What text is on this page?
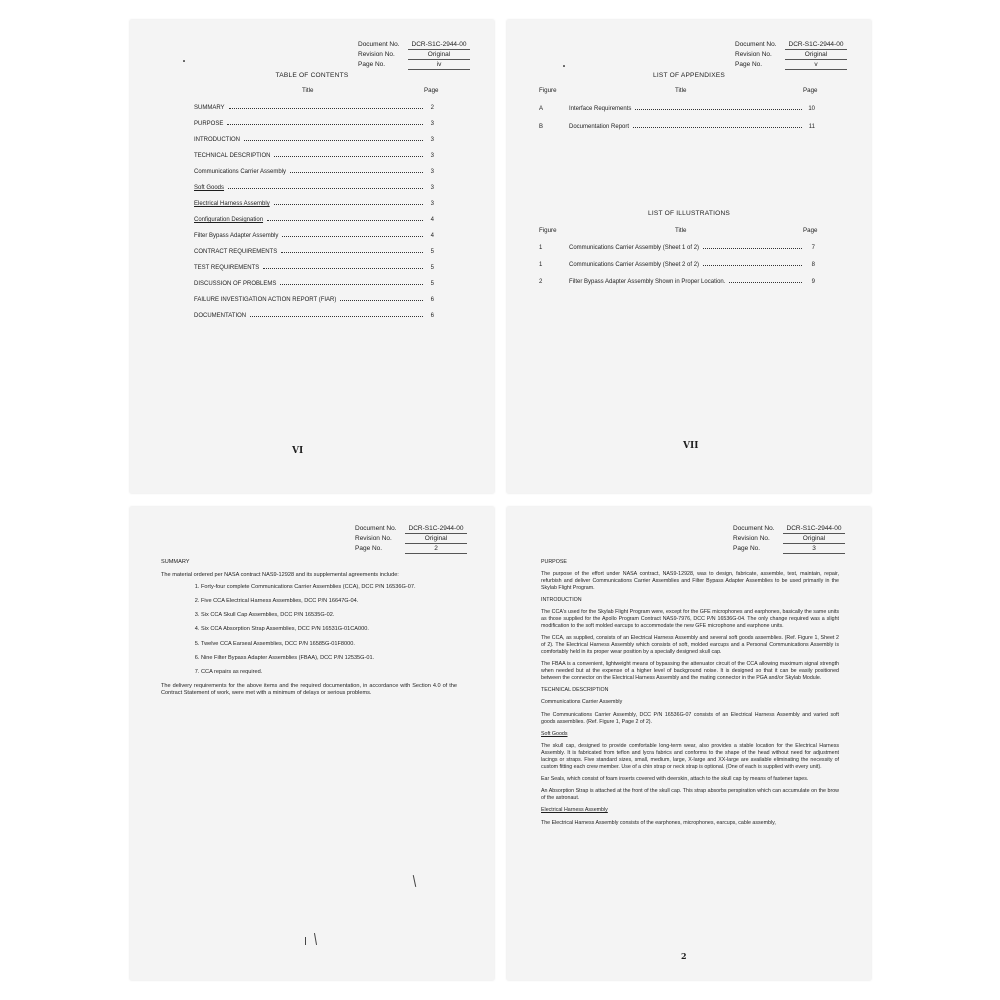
Document No.	DCR-S1C-2944-00
Revision No.	Original
Page No.	iv
TABLE OF CONTENTS
Title	Page
SUMMARY	2
PURPOSE	3
INTRODUCTION	3
TECHNICAL DESCRIPTION	3
Communications Carrier Assembly	3
Soft Goods	3
Electrical Harness Assembly	3
Configuration Designation	4
Filter Bypass Adapter Assembly	4
CONTRACT REQUIREMENTS	5
TEST REQUIREMENTS	5
DISCUSSION OF PROBLEMS	5
FAILURE INVESTIGATION ACTION REPORT (FIAR)	6
DOCUMENTATION	6
VI
Document No.	DCR-S1C-2944-00
Revision No.	Original
Page No.	v
LIST OF APPENDIXES
Figure	Title	Page
A	Interface Requirements	10
B	Documentation Report	11
LIST OF ILLUSTRATIONS
Figure	Title	Page
1	Communications Carrier Assembly (Sheet 1 of 2)	7
1	Communications Carrier Assembly (Sheet 2 of 2)	8
2	Filter Bypass Adapter Assembly Shown in Proper Location.	9
VII
Document No.	DCR-S1C-2944-00
Revision No.	Original
Page No.	2
SUMMARY

The material ordered per NASA contract NAS9-12928 and its supplemental agreements include:

1. Forty-four complete Communications Carrier Assemblies (CCA), DCC P/N 16536G-07.
2. Five CCA Electrical Harness Assemblies, DCC P/N 16647G-04.
3. Six CCA Skull Cap Assemblies, DCC P/N 16535G-02.
4. Six CCA Absorption Strap Assemblies, DCC P/N 16531G-01CA000.
5. Twelve CCA Earseal Assemblies, DCC P/N 16585G-01F8000.
6. Nine Filter Bypass Adapter Assemblies (FBAA), DCC P/N 12535G-01.
7. CCA repairs as required.

The delivery requirements for the above items and the required documentation, in accordance with Section 4.0 of the Contract Statement of work, were met with a minimum of delays or serious problems.

Document No.	DCR-S1C-2944-00
Revision No.	Original
Page No.	3
PURPOSE

The purpose of the effort under NASA contract, NAS9-12928, was to design, fabricate, assemble, test, maintain, repair, refurbish and deliver Communications Carrier Assemblies and Filter Bypass Adapter Assemblies to be used primarily in the Skylab Flight Program.

INTRODUCTION

The CCA's used for the Skylab Flight Program were, except for the GFE microphones and earphones, basically the same units as those supplied for the Apollo Program Contract NAS9-7976, DCC P/N 16536G-04. The only change required was a slight modification to the soft molded earcups to accommodate the new GFE microphone and earphone units.

The CCA, as supplied, consists of an Electrical Harness Assembly and several soft goods assemblies. (Ref. Figure 1, Sheet 2 of 2). The Electrical Harness Assembly which consists of soft, molded earcups and a Personal Communications Assembly is comfortably held in its proper wear position by a specially designed skull cap.

The FBAA is a convenient, lightweight means of bypassing the attenuator circuit of the CCA allowing maximum signal strength when needed but at the expense of a higher level of background noise. It is designed so that it can be easily positioned between the connector on the Electrical Harness Assembly and the mating connector in the PGA and/or Skylab Module.

TECHNICAL DESCRIPTION
Communications Carrier Assembly

The Communications Carrier Assembly, DCC P/N 16536G-07 consists of an Electrical Harness Assembly and varied soft goods assemblies. (Ref. Figure 1, Page 2 of 2).

Soft Goods

The skull cap, designed to provide comfortable long-term wear, also provides a stable location for the Electrical Harness Assembly. It is fabricated from teflon and lycra fabrics and conforms to the shape of the head without need for adjustment lacings or straps. Five standard sizes, small, medium, large, X-large and XX-large are available eliminating the necessity of custom fitting each crew member. Use of a chin strap or neck strap is optional. (One of each is supplied with every unit).

Ear Seals, which consist of foam inserts covered with deerskin, attach to the skull cap by means of fastener tapes.

An Absorption Strap is attached at the front of the skull cap. This strap absorbs perspiration which can accumulate on the brow of the astronaut.

Electrical Harness Assembly

The Electrical Harness Assembly consists of the earphones, microphones, earcups, cable assembly,

2
